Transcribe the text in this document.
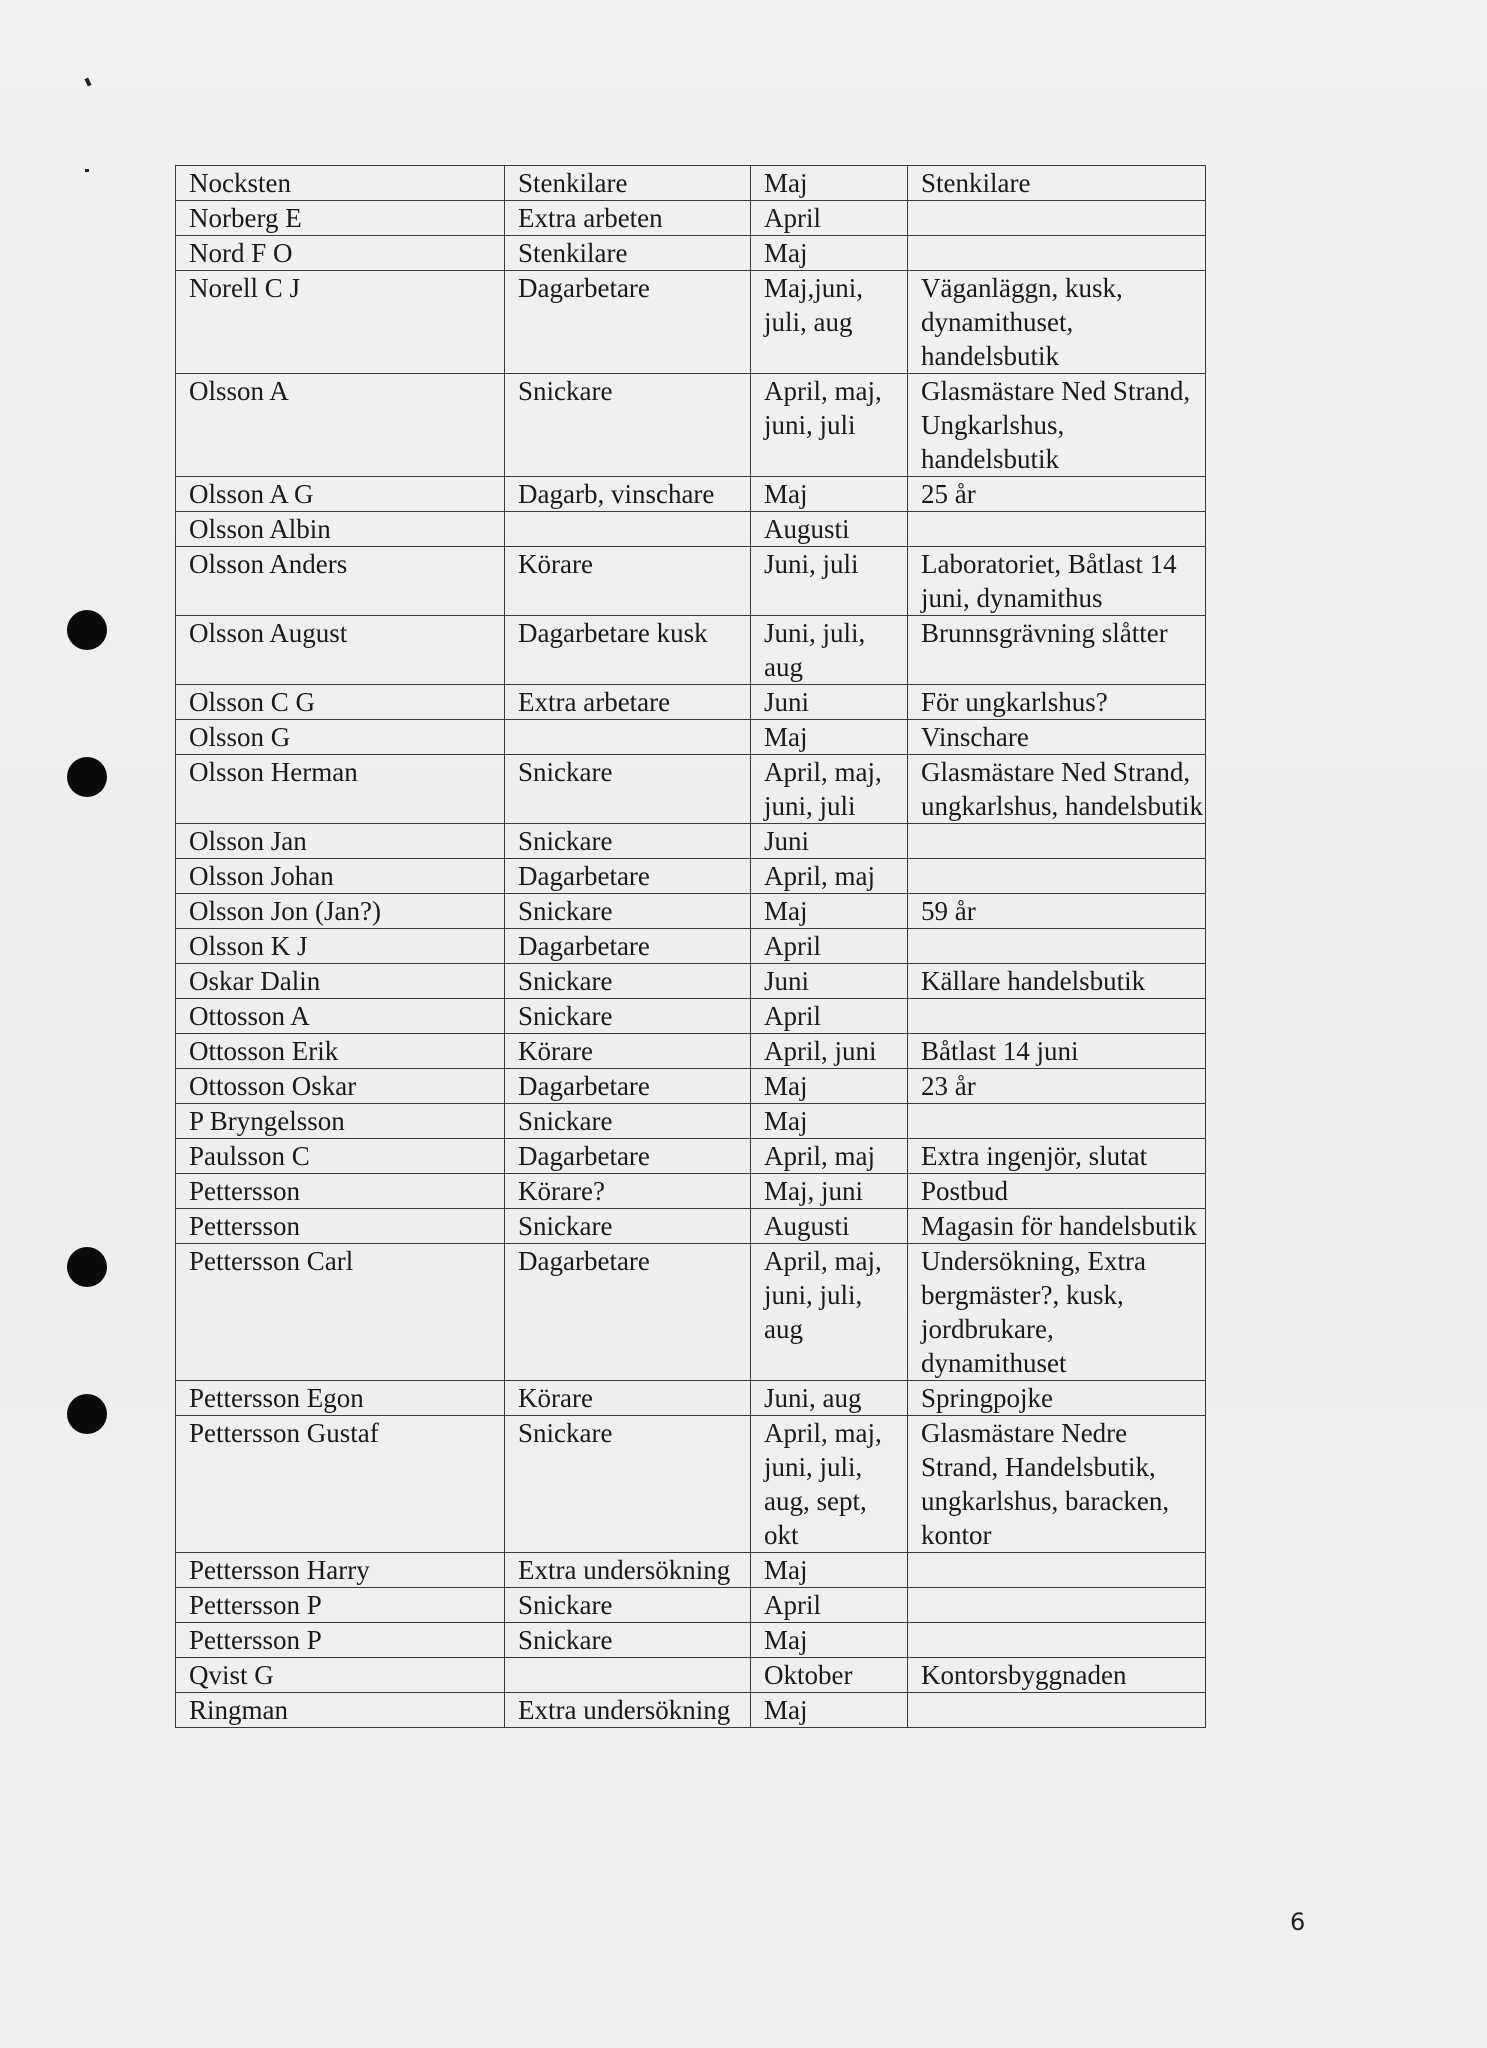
Nocksten	Stenkilare	Maj	Stenkilare

Norberg E	Extra arbeten	April	

Nord F O	Stenkilare	Maj	

Norell C J	Dagarbetare	Maj,juni, juli, aug	Väganläggn, kusk, dynamithuset, handelsbutik

Olsson A	Snickare	April, maj, juni, juli	Glasmästare Ned Strand, Ungkarlshus, handelsbutik

Olsson A G	Dagarb, vinschare	Maj	25 år

Olsson Albin		Augusti	

Olsson Anders	Körare	Juni, juli	Laboratoriet, Båtlast 14 juni, dynamithus

Olsson August	Dagarbetare kusk	Juni, juli, aug	Brunnsgrävning slåtter

Olsson C G	Extra arbetare	Juni	För ungkarlshus?

Olsson G		Maj	Vinschare

Olsson Herman	Snickare	April, maj, juni, juli	Glasmästare Ned Strand, ungkarlshus, handelsbutik

Olsson Jan	Snickare	Juni	

Olsson Johan	Dagarbetare	April, maj	

Olsson Jon (Jan?)	Snickare	Maj	59 år

Olsson K J	Dagarbetare	April	

Oskar Dalin	Snickare	Juni	Källare handelsbutik

Ottosson A	Snickare	April	

Ottosson Erik	Körare	April, juni	Båtlast 14 juni

Ottosson Oskar	Dagarbetare	Maj	23 år

P Bryngelsson	Snickare	Maj	

Paulsson C	Dagarbetare	April, maj	Extra ingenjör, slutat

Pettersson	Körare?	Maj, juni	Postbud

Pettersson	Snickare	Augusti	Magasin för handelsbutik

Pettersson Carl	Dagarbetare	April, maj, juni, juli, aug	Undersökning, Extra bergmäster?, kusk, jordbrukare, dynamithuset

Pettersson Egon	Körare	Juni, aug	Springpojke

Pettersson Gustaf	Snickare	April, maj, juni, juli, aug, sept, okt	Glasmästare Nedre Strand, Handelsbutik, ungkarlshus, baracken, kontor

Pettersson Harry	Extra undersökning	Maj	

Pettersson P	Snickare	April	

Pettersson P	Snickare	Maj	

Qvist G		Oktober	Kontorsbyggnaden

Ringman	Extra undersökning	Maj	

6
